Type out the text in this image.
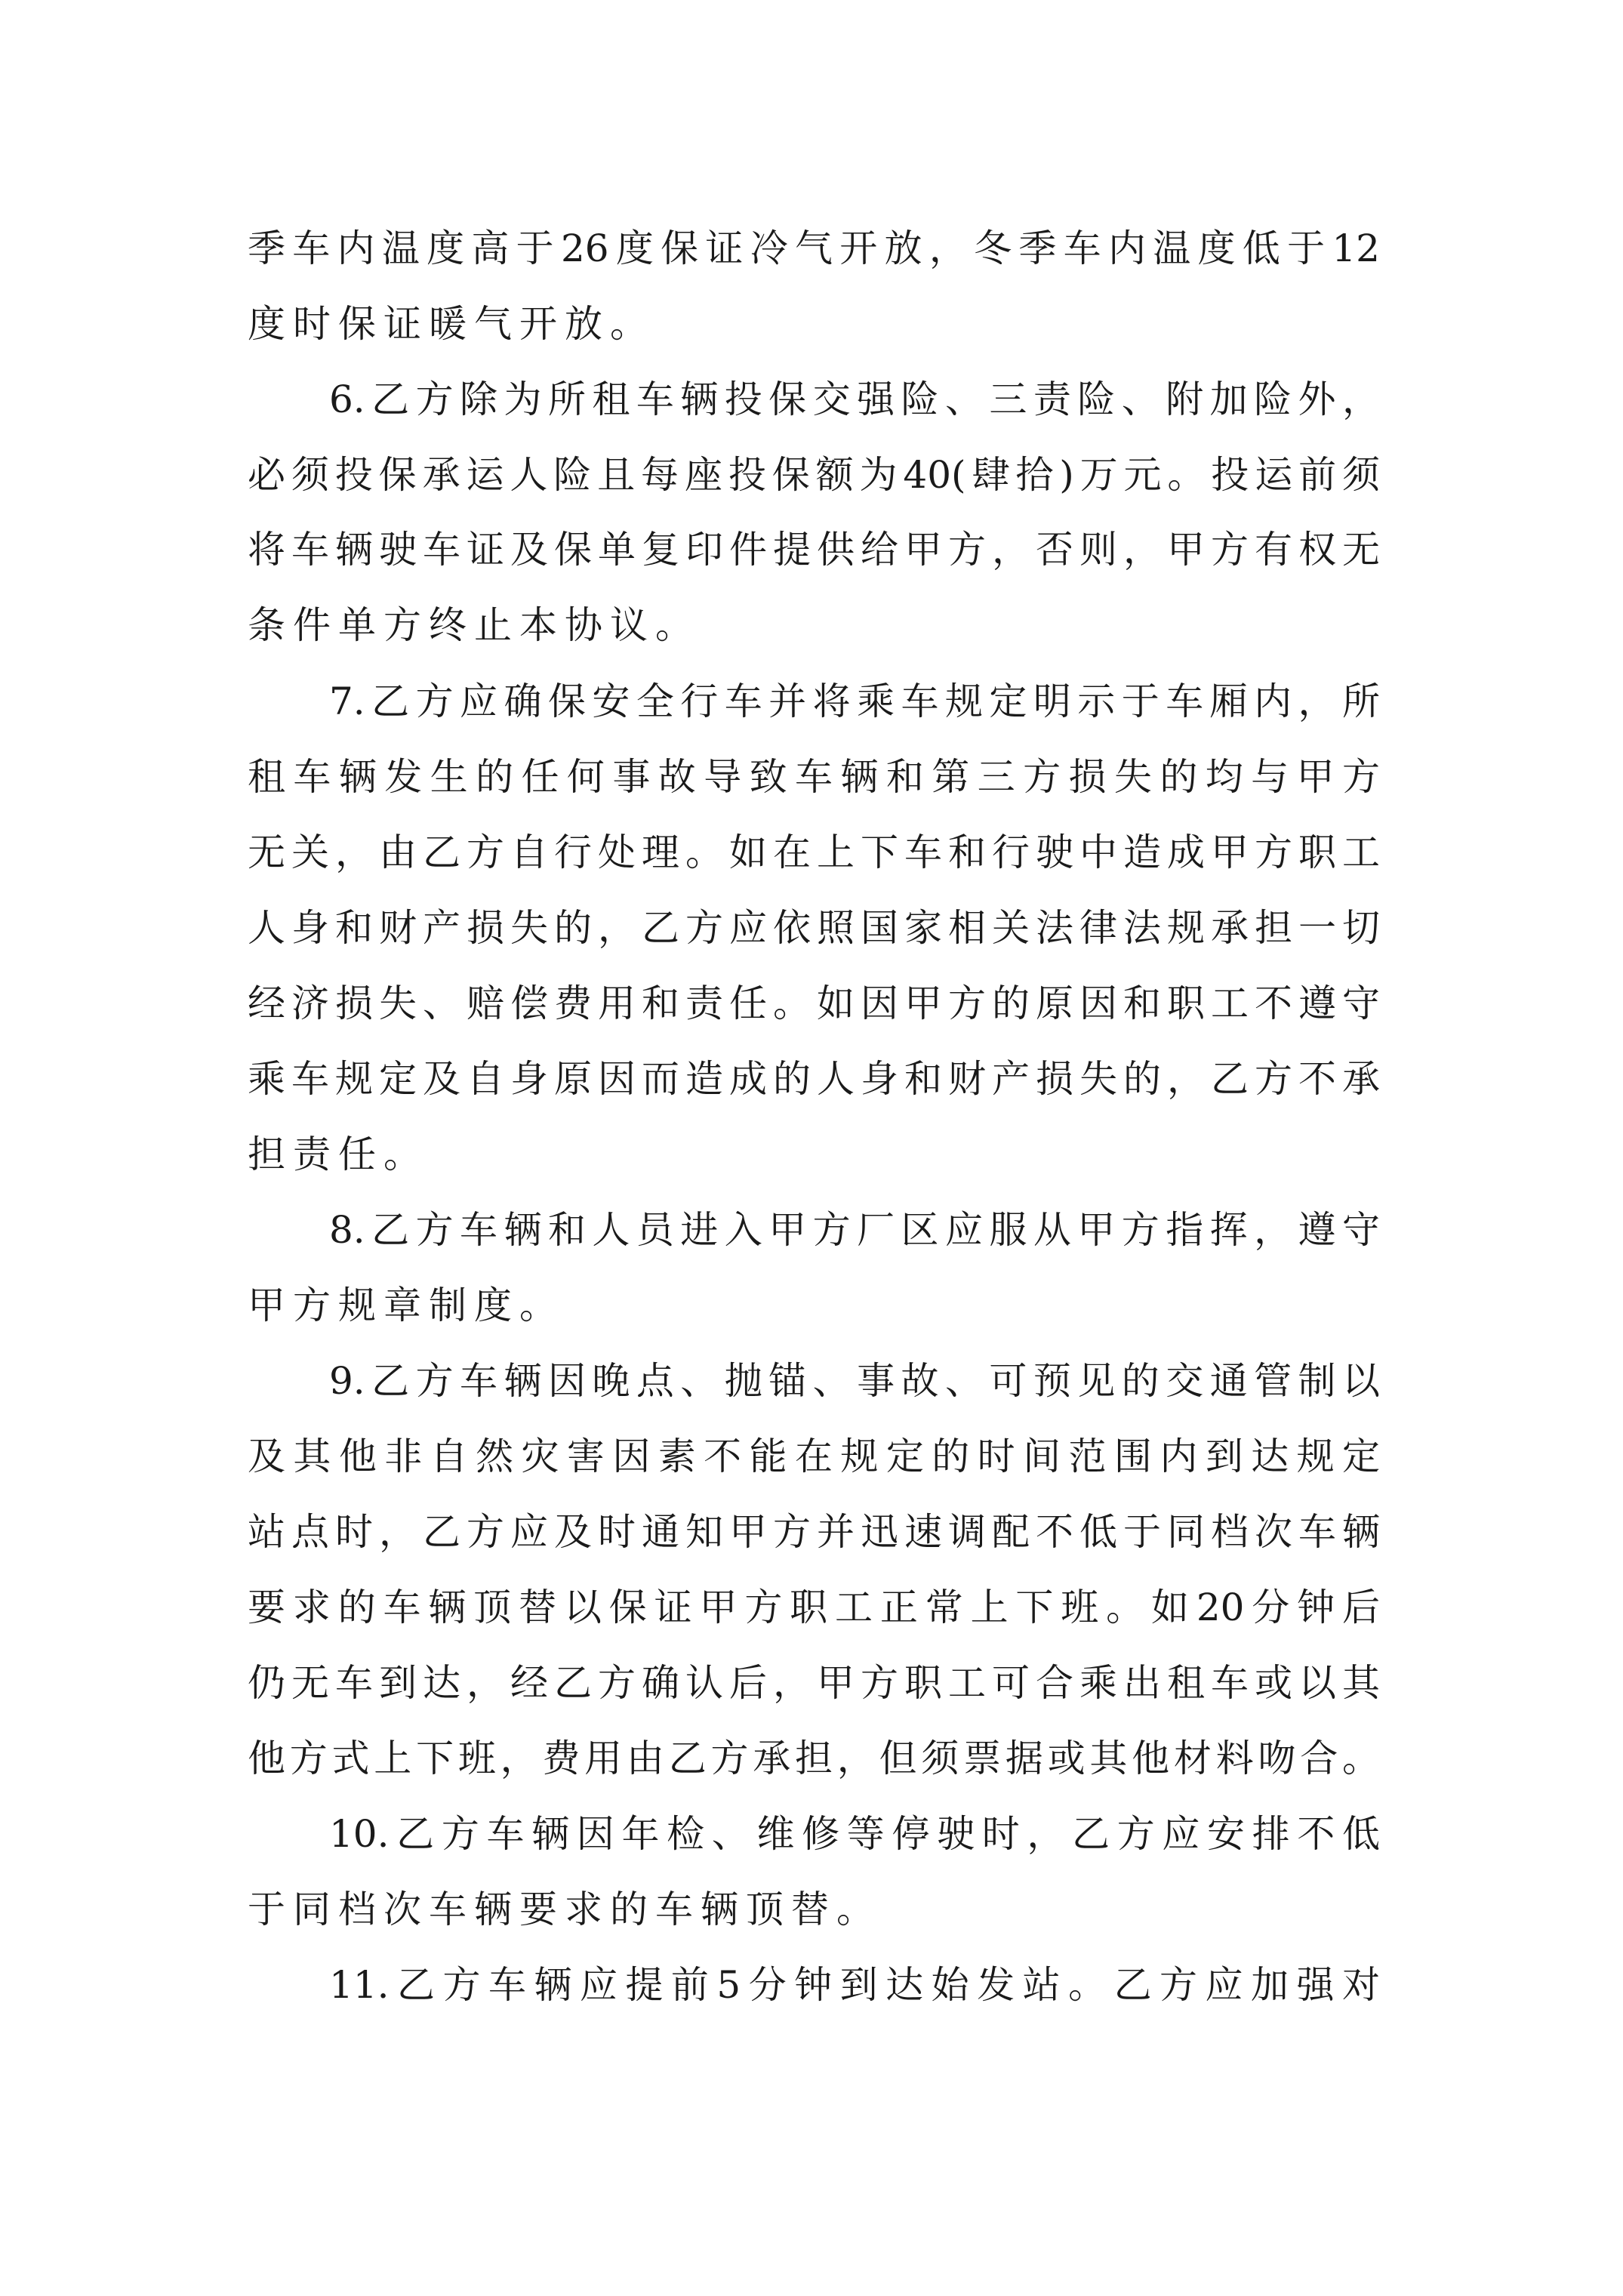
季车内温度高于26度保证冷气开放，冬季车内温度低于12
度时保证暖气开放。
6.乙方除为所租车辆投保交强险、三责险、附加险外，
必须投保承运人险且每座投保额为40(肆拾)万元。投运前须
将车辆驶车证及保单复印件提供给甲方，否则，甲方有权无
条件单方终止本协议。
7.乙方应确保安全行车并将乘车规定明示于车厢内，所
租车辆发生的任何事故导致车辆和第三方损失的均与甲方
无关，由乙方自行处理。如在上下车和行驶中造成甲方职工
人身和财产损失的，乙方应依照国家相关法律法规承担一切
经济损失、赔偿费用和责任。如因甲方的原因和职工不遵守
乘车规定及自身原因而造成的人身和财产损失的，乙方不承
担责任。
8.乙方车辆和人员进入甲方厂区应服从甲方指挥，遵守
甲方规章制度。
9.乙方车辆因晚点、抛锚、事故、可预见的交通管制以
及其他非自然灾害因素不能在规定的时间范围内到达规定
站点时，乙方应及时通知甲方并迅速调配不低于同档次车辆
要求的车辆顶替以保证甲方职工正常上下班。如20分钟后
仍无车到达，经乙方确认后，甲方职工可合乘出租车或以其
他方式上下班，费用由乙方承担，但须票据或其他材料吻合。
10.乙方车辆因年检、维修等停驶时，乙方应安排不低
于同档次车辆要求的车辆顶替。
11.乙方车辆应提前5分钟到达始发站。乙方应加强对
